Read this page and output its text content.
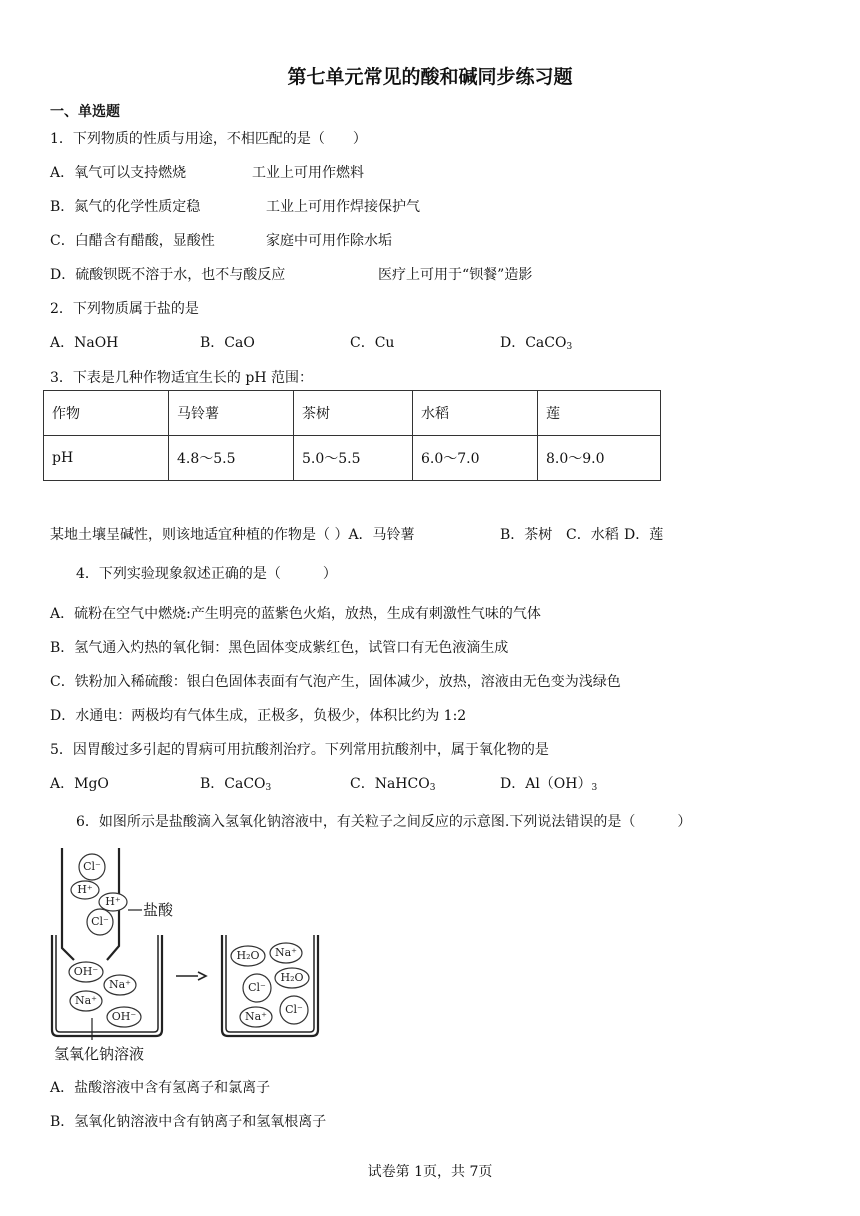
第七单元常见的酸和碱同步练习题
一、单选题
1．下列物质的性质与用途，不相匹配的是（　　）
A．氧气可以支持燃烧	工业上可用作燃料
B．氮气的化学性质定稳	工业上可用作焊接保护气
C．白醋含有醋酸，显酸性	家庭中可用作除水垢
D．硫酸钡既不溶于水，也不与酸反应	医疗上可用于“钡餐”造影
2．下列物质属于盐的是
A．NaOH	B．CaO	C．Cu	D．CaCO$_3$
3．下表是几种作物适宜生长的 pH 范围：
作物	马铃薯	茶树	水稻	莲
pH	4.8～5.5	5.0～5.5	6.0～7.0	8.0～9.0
某地土壤呈碱性，则该地适宜种植的作物是（ ）A．马铃薯	B．茶树 C．水稻 D．莲
4．下列实验现象叙述正确的是（　　　）
A．硫粉在空气中燃烧:产生明亮的蓝紫色火焰，放热，生成有刺激性气味的气体
B．氢气通入灼热的氧化铜：黑色固体变成紫红色，试管口有无色液滴生成
C．铁粉加入稀硫酸：银白色固体表面有气泡产生，固体减少，放热，溶液由无色变为浅绿色
D．水通电：两极均有气体生成，正极多，负极少，体积比约为 1:2
5．因胃酸过多引起的胃病可用抗酸剂治疗。下列常用抗酸剂中，属于氧化物的是
A．MgO	B．CaCO$_3$	C．NaHCO$_3$	D．$Al(OH)_3$
6．如图所示是盐酸滴入氢氧化钠溶液中，有关粒子之间反应的示意图.下列说法错误的是（　　　）
Cl⁻
H⁺
H⁺
Cl⁻
OH⁻
Na⁺
Na⁺
OH⁻
H₂O Na⁺
H₂O
Cl⁻
Cl⁻
Na⁺
盐酸
氢氧化钠溶液
A．盐酸溶液中含有氢离子和氯离子
B．氢氧化钠溶液中含有钠离子和氢氧根离子
试卷第 1页，共 7页
